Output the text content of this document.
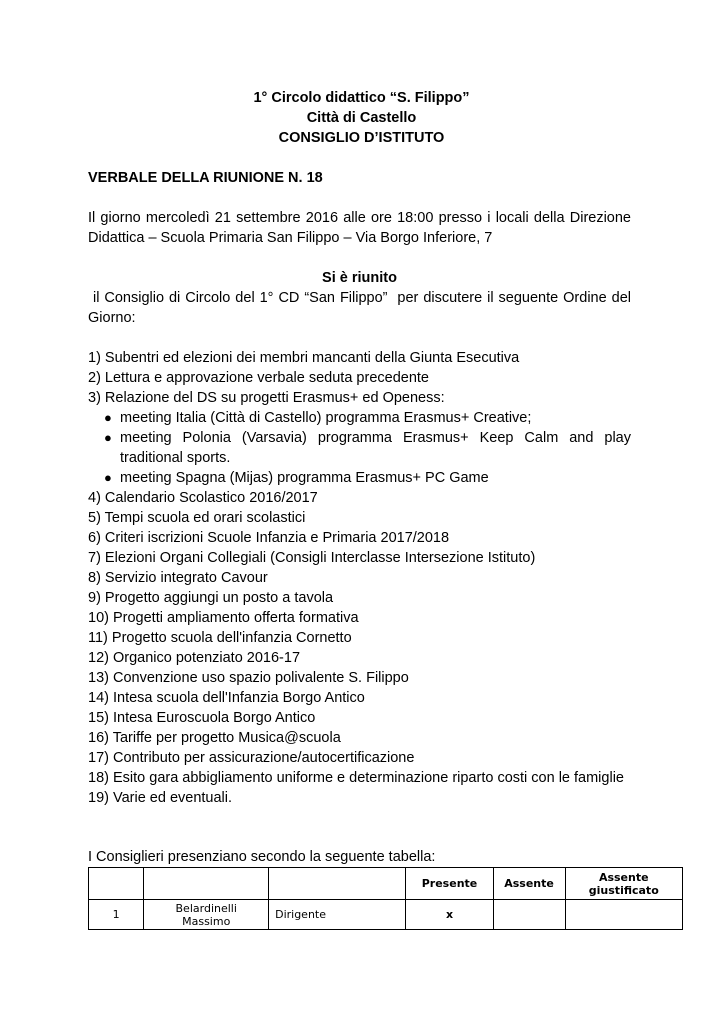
1° Circolo didattico “S. Filippo”
Città di Castello
CONSIGLIO D’ISTITUTO
VERBALE DELLA RIUNIONE N. 18
Il giorno mercoledì 21 settembre 2016 alle ore 18:00 presso i locali della Direzione Didattica – Scuola Primaria San Filippo – Via Borgo Inferiore, 7
Si è riunito
il Consiglio di Circolo del 1° CD “San Filippo”  per discutere il seguente Ordine del Giorno:
1) Subentri ed elezioni dei membri mancanti della Giunta Esecutiva
2) Lettura e approvazione verbale seduta precedente
3) Relazione del DS su progetti Erasmus+ ed Openess:
● meeting Italia (Città di Castello) programma Erasmus+ Creative;
● meeting Polonia (Varsavia) programma Erasmus+ Keep Calm and play traditional sports.
● meeting Spagna (Mijas) programma Erasmus+ PC Game
4) Calendario Scolastico 2016/2017
5) Tempi scuola ed orari scolastici
6) Criteri iscrizioni Scuole Infanzia e Primaria 2017/2018
7) Elezioni Organi Collegiali (Consigli Interclasse Intersezione Istituto)
8) Servizio integrato Cavour
9) Progetto aggiungi un posto a tavola
10) Progetti ampliamento offerta formativa
11) Progetto scuola dell'infanzia Cornetto
12) Organico potenziato 2016-17
13) Convenzione uso spazio polivalente S. Filippo
14) Intesa scuola dell'Infanzia Borgo Antico
15) Intesa Euroscuola Borgo Antico
16) Tariffe per progetto Musica@scuola
17) Contributo per assicurazione/autocertificazione
18) Esito gara abbigliamento uniforme e determinazione riparto costi con le famiglie
19) Varie ed eventuali.
I Consiglieri presenziano secondo la seguente tabella:
			Presente	Assente	Assente giustificato
1	Belardinelli Massimo	Dirigente	x		
